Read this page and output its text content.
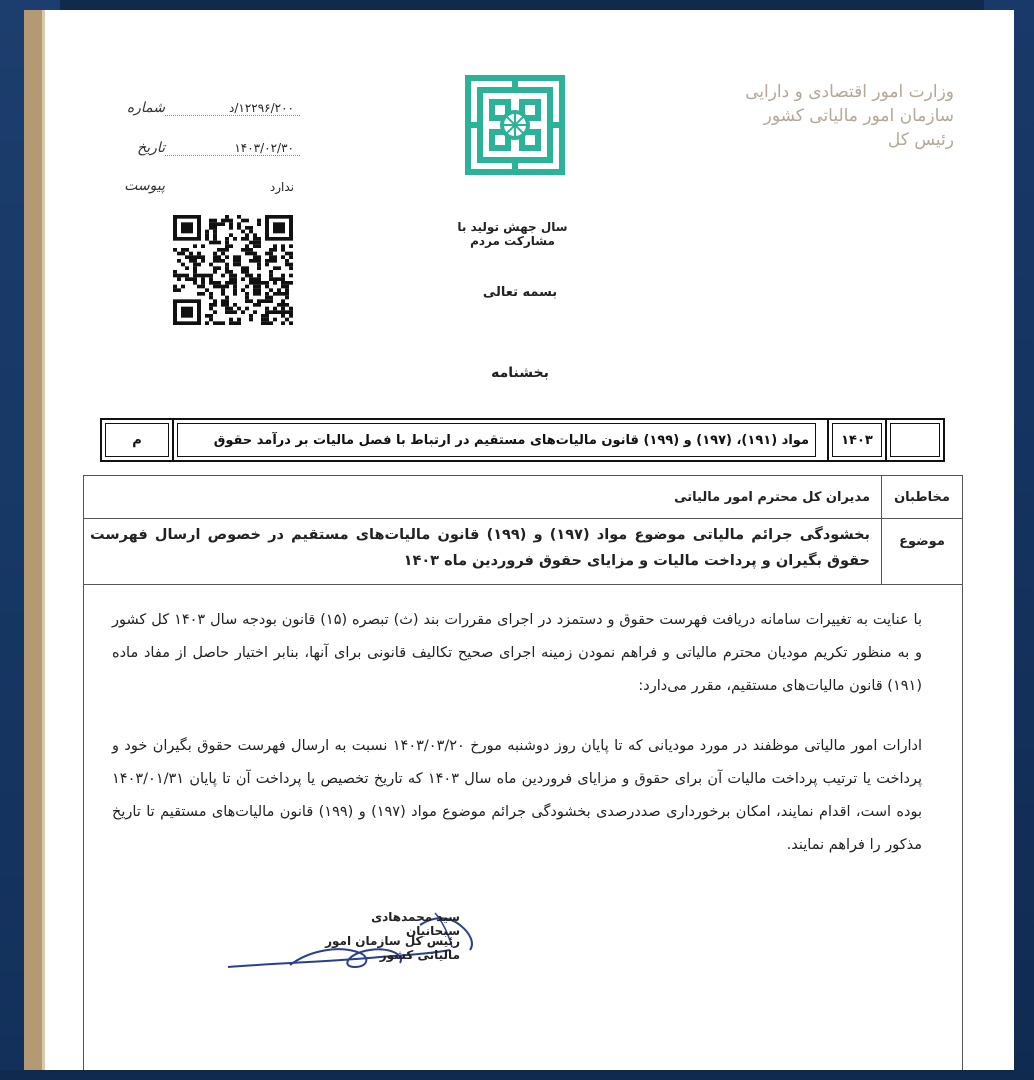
وزارت امور اقتصادی و دارایی
سازمان امور مالیاتی کشور
رئیس کل
سال جهش تولید با مشارکت مردم
۱۲۲۹۶/۲۰۰/د
شماره
۱۴۰۳/۰۲/۳۰
تاریخ
ندارد
پیوست
بسمه تعالی
بخشنامه
۱۴۰۳
مواد (۱۹۱)، (۱۹۷) و (۱۹۹) قانون مالیات‌های مستقیم در ارتباط با فصل مالیات بر درآمد حقوق
م
مخاطبان
مدیران کل محترم امور مالیاتی
موضوع
بخشودگی جرائم مالیاتی موضوع مواد (۱۹۷) و (۱۹۹) قانون مالیات‌های مستقیم در خصوص ارسال فهرست حقوق بگیران و پرداخت مالیات و مزایای حقوق فروردین ماه ۱۴۰۳
با عنایت به تغییرات سامانه دریافت فهرست حقوق و دستمزد در اجرای مقررات بند (ث) تبصره (۱۵) قانون بودجه سال ۱۴۰۳ کل کشور و به منظور تکریم مودیان محترم مالیاتی و فراهم نمودن زمینه اجرای صحیح تکالیف قانونی برای آنها، بنابر اختیار حاصل از مفاد ماده (۱۹۱) قانون مالیات‌های مستقیم، مقرر می‌دارد:
ادارات امور مالیاتی موظفند در مورد مودیانی که تا پایان روز دوشنبه مورخ ۱۴۰۳/۰۳/۲۰ نسبت به ارسال فهرست حقوق بگیران خود و پرداخت یا ترتیب پرداخت مالیات آن برای حقوق و مزایای فروردین ماه سال ۱۴۰۳ که تاریخ تخصیص یا پرداخت آن تا پایان ۱۴۰۳/۰۱/۳۱ بوده است، اقدام نمایند، امکان برخورداری صددرصدی بخشودگی جرائم موضوع مواد (۱۹۷) و (۱۹۹) قانون مالیات‌های مستقیم تا تاریخ مذکور را فراهم نمایند.
سید محمدهادی سبحانیان
رئیس کل سازمان امور مالیاتی کشور
